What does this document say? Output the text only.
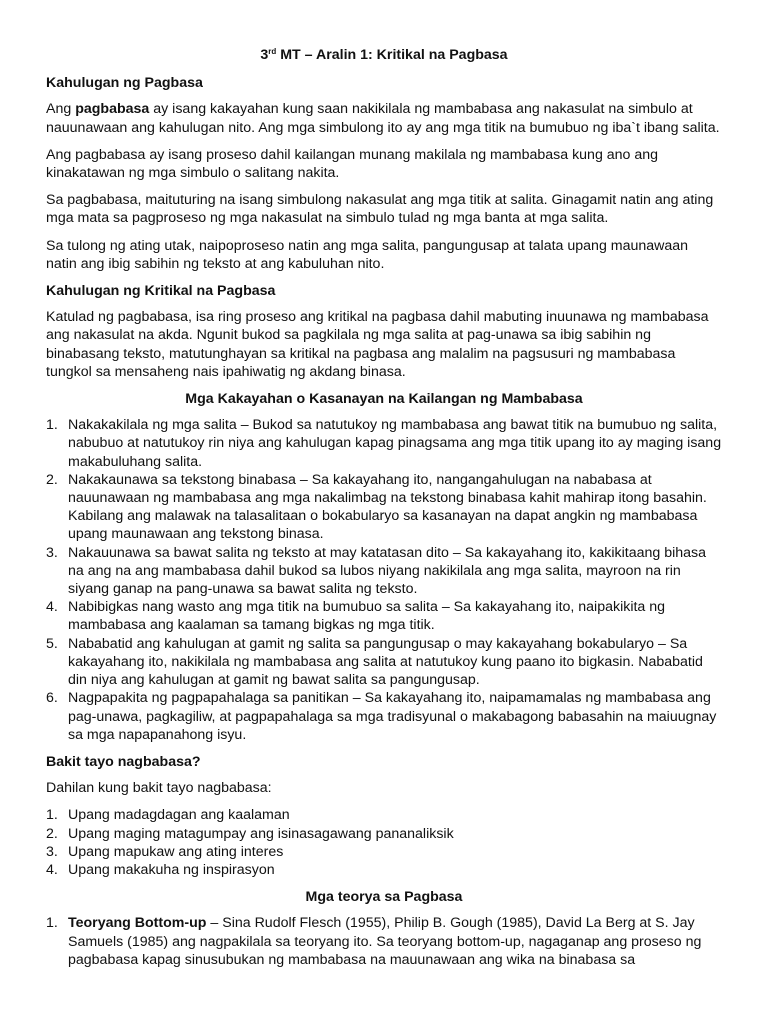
3rd MT – Aralin 1: Kritikal na Pagbasa
Kahulugan ng Pagbasa

Ang pagbabasa ay isang kakayahan kung saan nakikilala ng mambabasa ang nakasulat na simbulo at nauunawaan ang kahulugan nito. Ang mga simbulong ito ay ang mga titik na bumubuo ng iba`t ibang salita.

Ang pagbabasa ay isang proseso dahil kailangan munang makilala ng mambabasa kung ano ang kinakatawan ng mga simbulo o salitang nakita.

Sa pagbabasa, maituturing na isang simbulong nakasulat ang mga titik at salita. Ginagamit natin ang ating mga mata sa pagproseso ng mga nakasulat na simbulo tulad ng mga banta at mga salita.

Sa tulong ng ating utak, naipoproseso natin ang mga salita, pangungusap at talata upang maunawaan natin ang ibig sabihin ng teksto at ang kabuluhan nito.

Kahulugan ng Kritikal na Pagbasa

Katulad ng pagbabasa, isa ring proseso ang kritikal na pagbasa dahil mabuting inuunawa ng mambabasa ang nakasulat na akda. Ngunit bukod sa pagkilala ng mga salita at pag-unawa sa ibig sabihin ng binabasang teksto, matutunghayan sa kritikal na pagbasa ang malalim na pagsusuri ng mambabasa tungkol sa mensaheng nais ipahiwatig ng akdang binasa.

Mga Kakayahan o Kasanayan na Kailangan ng Mambabasa
1. Nakakakilala ng mga salita – Bukod sa natutukoy ng mambabasa ang bawat titik na bumubuo ng salita, nabubuo at natutukoy rin niya ang kahulugan kapag pinagsama ang mga titik upang ito ay maging isang makabuluhang salita.
2. Nakakaunawa sa tekstong binabasa – Sa kakayahang ito, nangangahulugan na nababasa at nauunawaan ng mambabasa ang mga nakalimbag na tekstong binabasa kahit mahirap itong basahin. Kabilang ang malawak na talasalitaan o bokabularyo sa kasanayan na dapat angkin ng mambabasa upang maunawaan ang tekstong binasa.
3. Nakauunawa sa bawat salita ng teksto at may katatasan dito – Sa kakayahang ito, kakikitaang bihasa na ang na ang mambabasa dahil bukod sa lubos niyang nakikilala ang mga salita, mayroon na rin siyang ganap na pang-unawa sa bawat salita ng teksto.
4. Nabibigkas nang wasto ang mga titik na bumubuo sa salita – Sa kakayahang ito, naipakikita ng mambabasa ang kaalaman sa tamang bigkas ng mga titik.
5. Nababatid ang kahulugan at gamit ng salita sa pangungusap o may kakayahang bokabularyo – Sa kakayahang ito, nakikilala ng mambabasa ang salita at natutukoy kung paano ito bigkasin. Nababatid din niya ang kahulugan at gamit ng bawat salita sa pangungusap.
6. Nagpapakita ng pagpapahalaga sa panitikan – Sa kakayahang ito, naipamamalas ng mambabasa ang pag-unawa, pagkagiliw, at pagpapahalaga sa mga tradisyunal o makabagong babasahin na maiuugnay sa mga napapanahong isyu.
Bakit tayo nagbabasa?

Dahilan kung bakit tayo nagbabasa:

1. Upang madagdagan ang kaalaman
2. Upang maging matagumpay ang isinasagawang pananaliksik
3. Upang mapukaw ang ating interes
4. Upang makakuha ng inspirasyon
Mga teorya sa Pagbasa
1. Teoryang Bottom-up – Sina Rudolf Flesch (1955), Philip B. Gough (1985), David La Berg at S. Jay Samuels (1985) ang nagpakilala sa teoryang ito. Sa teoryang bottom-up, nagaganap ang proseso ng pagbabasa kapag sinusubukan ng mambabasa na mauunawaan ang wika na binabasa sa
